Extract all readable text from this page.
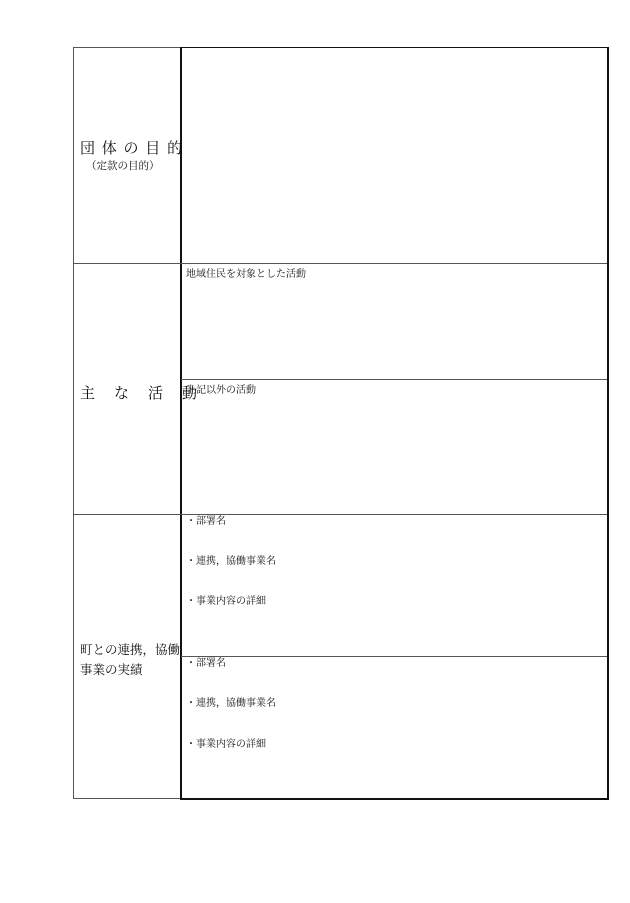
団 体 の 目 的
（定款の目的）
主　な　活　動
地域住民を対象とした活動
上記以外の活動
町との連携，協働
事業の実績
・部署名
・連携，協働事業名
・事業内容の詳細
・部署名
・連携，協働事業名
・事業内容の詳細
